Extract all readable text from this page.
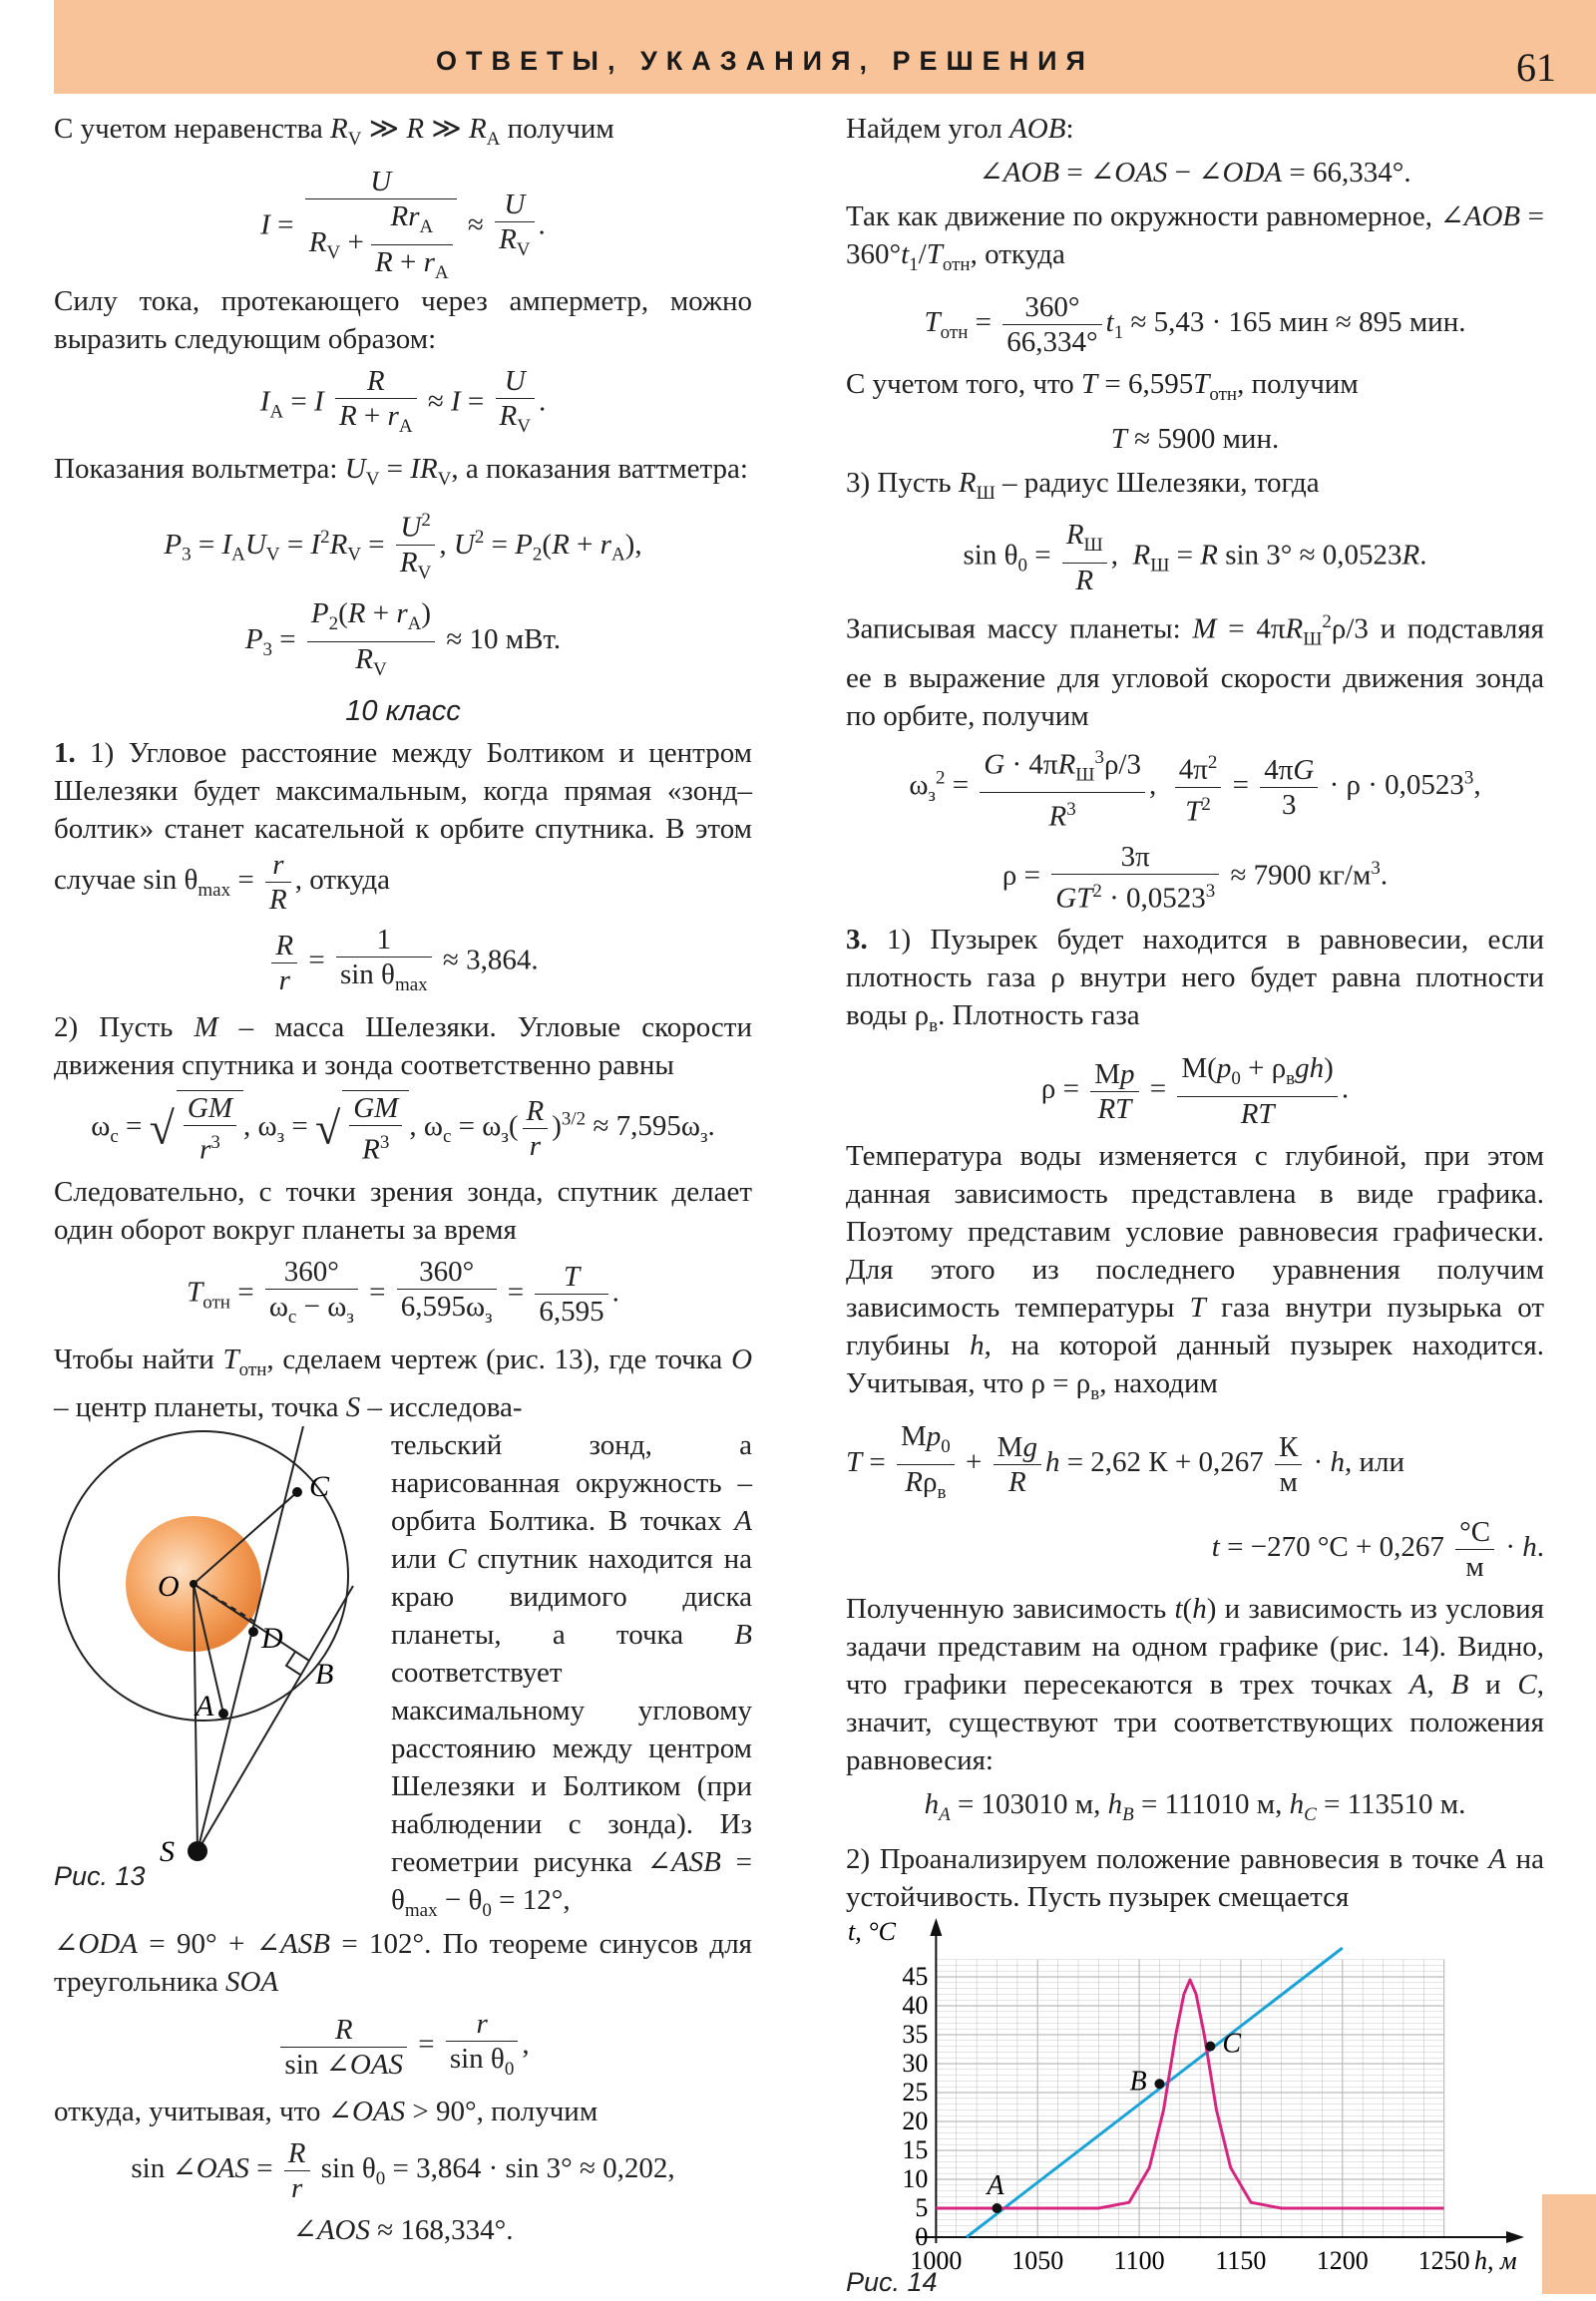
ОТВЕТЫ, УКАЗАНИЯ, РЕШЕНИЯ	61

С учетом неравенства $R_V$ ≫ R ≫ $R_A$ получим

$I = \frac{U}{R_V + \frac{Rr_A}{R + r_A}} \approx \frac{U}{R_V}$ .

Силу тока, протекающего через амперметр, можно выразить следующим образом:

$I_A = I \frac{R}{R + r_A} \approx I = \frac{U}{R_V}$ .

Показания вольтметра: $U_V = IR_V$, а показания ваттметра:

$P_3 = I_AU_V = I^2R_V = \frac{U^2}{R_V}$ , $U^2 = P_2(R + r_A)$,
$P_3 = \frac{P_2(R + r_A)}{R_V} \approx 10$ мВт.
10 класс

1. 1) Угловое расстояние между Болтиком и центром Шелезяки будет максимальным, когда прямая «зонд–болтик» станет касательной к орбите спутника. В этом случае $\sin \theta_{max} = \frac{r}{R}$ , откуда

$\frac{R}{r} = \frac{1}{\sin \theta_{max}} \approx 3,864$.

2) Пусть M – масса Шелезяки. Угловые скорости движения спутника и зонда соответственно равны

$\omega_с$ = √ $\frac{GM}{r^3}$ , $\omega_з$ = √ $\frac{GM}{R^3}$ , $\omega_с = \omega_з( \frac{R}{r} )^{3/2} \approx 7,595\omega_з$.

Следовательно, с точки зрения зонда, спутник делает один оборот вокруг планеты за время

$T_{отн} = \frac{360^\circ}{\omega_с - \omega_з} = \frac{360^\circ}{6,595\omega_з} = \frac{T}{6,595}$ .

Чтобы найти $T_{отн}$, сделаем чертеж (рис. 13), где точка O – центр планеты, точка S – исследова-

C
D
B
A
O
S
Рис. 13

тельский зонд, а нарисованная окружность – орбита Болтика. В точках A или C спутник находится на краю видимого диска планеты, а точка B соответствует максимальному угловому расстоянию между центром Шелезяки и Болтиком (при наблюдении с зонда). Из геометрии рисунка ∠ASB = $\theta_{max} - \theta_0 = 12^\circ$,

∠ODA = 90° + ∠ASB = 102°. По теореме синусов для треугольника SOA

$\frac{R}{\text{sin ∠OAS}} = \frac{r}{\sin \theta_0}$ ,

откуда, учитывая, что ∠OAS > 90°, получим

sin ∠OAS = $\frac{R}{r}$ $\sin \theta_0 = 3,864 \cdot \sin 3^\circ \approx 0,202$,
∠AOS ≈ 168,334°.

Найдем угол AOB:

∠AOB = ∠OAS − ∠ODA = 66,334°.

Так как движение по окружности равномерное, ∠AOB = $360^\circ t_1/T_{отн}$, откуда

$T_{отн} = \frac{360^\circ}{66,334^\circ} t_1 \approx 5,43 \cdot 165$ мин ≈ 895 мин.

С учетом того, что $T = 6,595T_{отн}$, получим

T ≈ 5900 мин.

3) Пусть $R_Ш$ – радиус Шелезяки, тогда

$\sin \theta_0 = \frac{R_Ш}{R}$ ,  $R_Ш = R$ sin 3° ≈ 0,0523R.

Записывая массу планеты: $M = 4\pi R_Ш^2\rho/3$ и подставляя ее в выражение для угловой скорости движения зонда по орбите, получим

$\omega_з^2 = \frac{G \cdot 4\pi R_Ш^3\rho/3}{R^3}$ , $\frac{4\pi^2}{T^2} = \frac{4\pi G}{3} \cdot \rho \cdot 0,0523^3$,
$\rho = \frac{3\pi}{GT^2 \cdot 0,0523^3} \approx 7900$ $кг/м^3$.

3. 1) Пузырек будет находится в равновесии, если плотность газа ρ внутри него будет равна плотности воды $\rho_в$. Плотность газа

$\rho = \frac{Mp}{RT} = \frac{M(p_0 + \rho_вgh)}{RT}$ .

Температура воды изменяется с глубиной, при этом данная зависимость представлена в виде графика. Поэтому представим условие равновесия графически. Для этого из последнего уравнения получим зависимость температуры T газа внутри пузырька от глубины h, на которой данный пузырек находится. Учитывая, что $\rho = \rho_в$, находим

$T = \frac{Mp_0}{R\rho_в} + \frac{Mg}{R}$ h = 2,62 $К + 0,267 \frac{К}{м} \cdot h$, или
t = −270 $^\circ C + 0,267 \frac{^\circ C}{м} \cdot h$.

Полученную зависимость t(h) и зависимость из условия задачи представим на одном графике (рис. 14). Видно, что графики пересекаются в трех точках A, B и C, значит, существуют три соответствующих положения равновесия:

$h_A = 103010$ м, $h_B = 111010$ м, $h_C = 113510$ м.

2) Проанализируем положение равновесия в точке A на устойчивость. Пусть пузырек смещается

1000 1050 1100 1150 1200 1250
0
5
10
15
20
25
30
35
40
45
h, м
t, °C
A
B
C
Рис. 14
